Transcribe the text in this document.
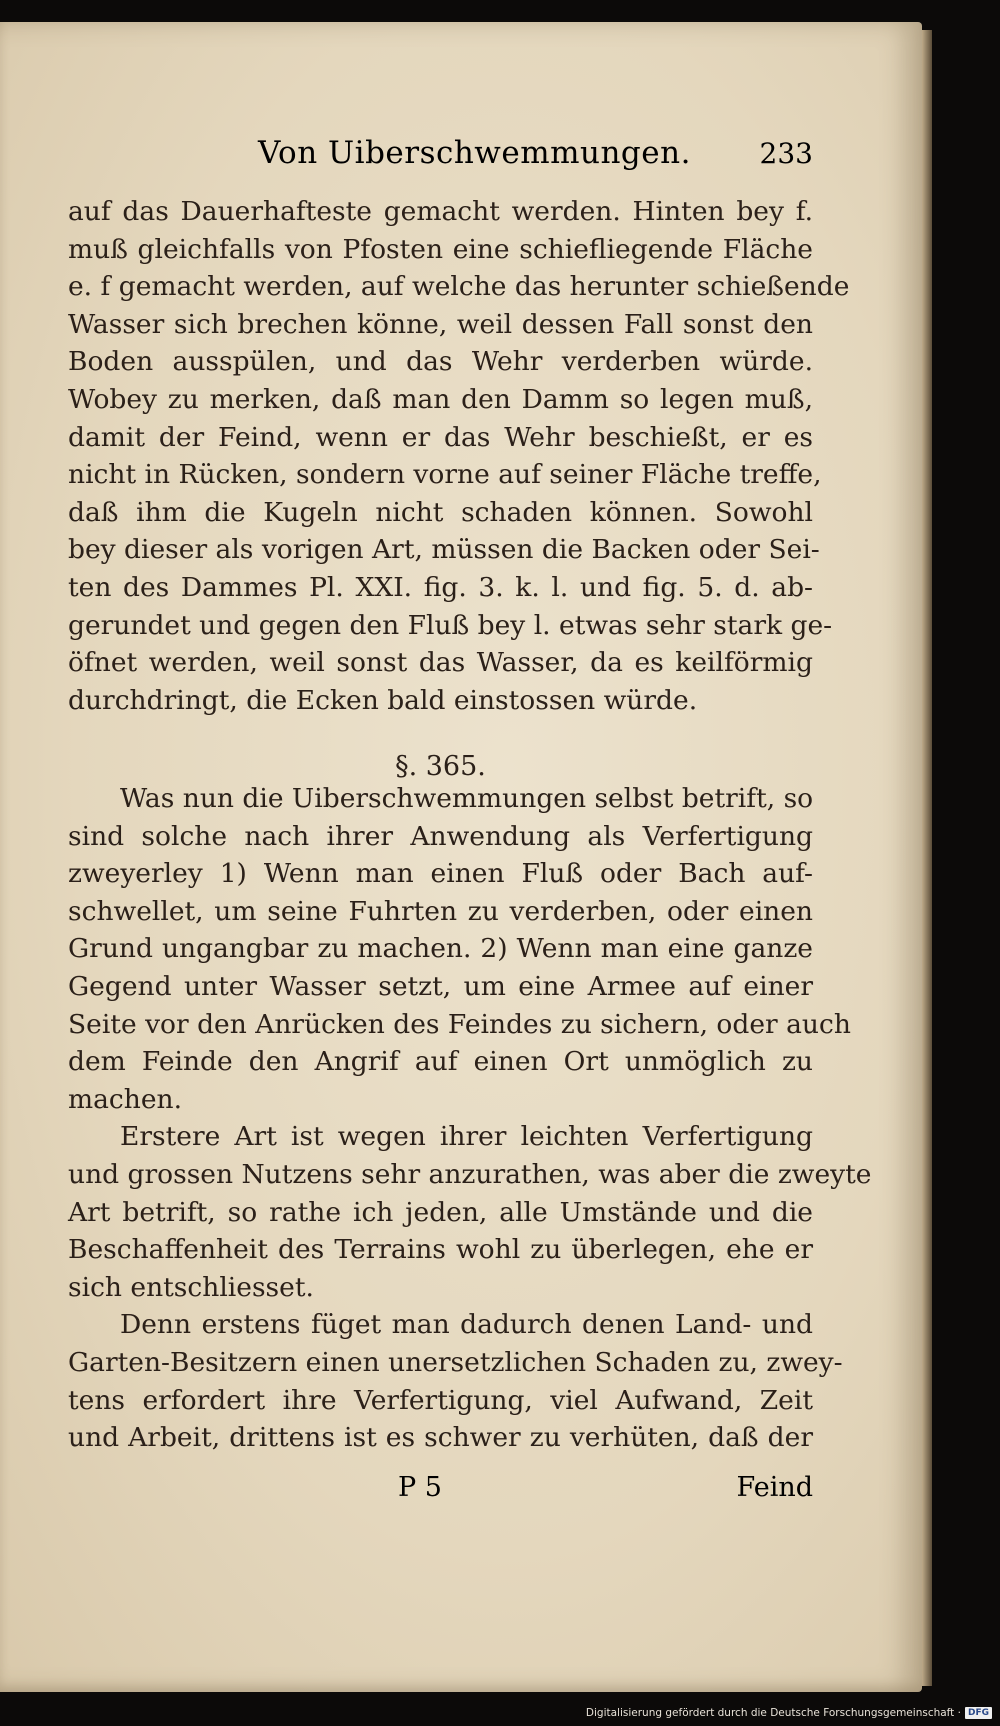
Von Uiberschwemmungen. 233
auf das Dauerhafteste gemacht werden. Hinten bey f.
muß gleichfalls von Pfosten eine schiefliegende Fläche
e. f gemacht werden, auf welche das herunter schießende
Wasser sich brechen könne, weil dessen Fall sonst den
Boden ausspülen, und das Wehr verderben würde.
Wobey zu merken, daß man den Damm so legen muß,
damit der Feind, wenn er das Wehr beschießt, er es
nicht in Rücken, sondern vorne auf seiner Fläche treffe,
daß ihm die Kugeln nicht schaden können. Sowohl
bey dieser als vorigen Art, müssen die Backen oder Sei-
ten des Dammes Pl. XXI. fig. 3. k. l. und fig. 5. d. ab-
gerundet und gegen den Fluß bey l. etwas sehr stark ge-
öfnet werden, weil sonst das Wasser, da es keilförmig
durchdringt, die Ecken bald einstossen würde.
§. 365.
Was nun die Uiberschwemmungen selbst betrift, so
sind solche nach ihrer Anwendung als Verfertigung
zweyerley 1) Wenn man einen Fluß oder Bach auf-
schwellet, um seine Fuhrten zu verderben, oder einen
Grund ungangbar zu machen. 2) Wenn man eine ganze
Gegend unter Wasser setzt, um eine Armee auf einer
Seite vor den Anrücken des Feindes zu sichern, oder auch
dem Feinde den Angrif auf einen Ort unmöglich zu
machen.
Erstere Art ist wegen ihrer leichten Verfertigung
und grossen Nutzens sehr anzurathen, was aber die zweyte
Art betrift, so rathe ich jeden, alle Umstände und die
Beschaffenheit des Terrains wohl zu überlegen, ehe er
sich entschliesset.
Denn erstens füget man dadurch denen Land- und
Garten-Besitzern einen unersetzlichen Schaden zu, zwey-
tens erfordert ihre Verfertigung, viel Aufwand, Zeit
und Arbeit, drittens ist es schwer zu verhüten, daß der
P 5	Feind
Digitalisierung gefördert durch die Deutsche Forschungsgemeinschaft · DFG
